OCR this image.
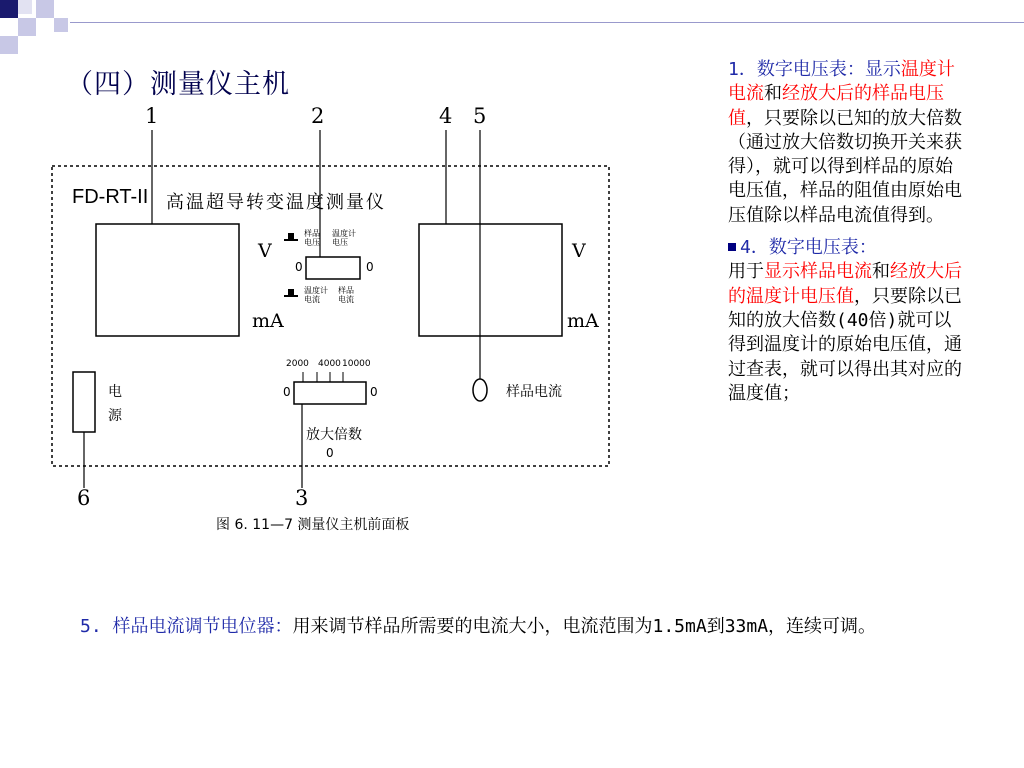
（四）测量仪主机
1	2	4 5
3
6
FD-RT-II 高温超导转变温度测量仪
V
mA
V
mA
样品电压
温度计电压
温度计电流
样品电流
0	0
2000 4000 10000
0	0
放大倍数
0
电源
样品电流
图 6. 11—7 测量仪主机前面板

1．数字电压表：显示温度计电流和经放大后的样品电压值，只要除以已知的放大倍数（通过放大倍数切换开关来获得），就可以得到样品的原始电压值，样品的阻值由原始电压值除以样品电流值得到。

4．数字电压表：
用于显示样品电流和经放大后的温度计电压值，只要除以已知的放大倍数(40倍)就可以得到温度计的原始电压值，通过查表，就可以得出其对应的温度值；

5. 样品电流调节电位器：用来调节样品所需要的电流大小，电流范围为1.5mA到33mA，连续可调。
